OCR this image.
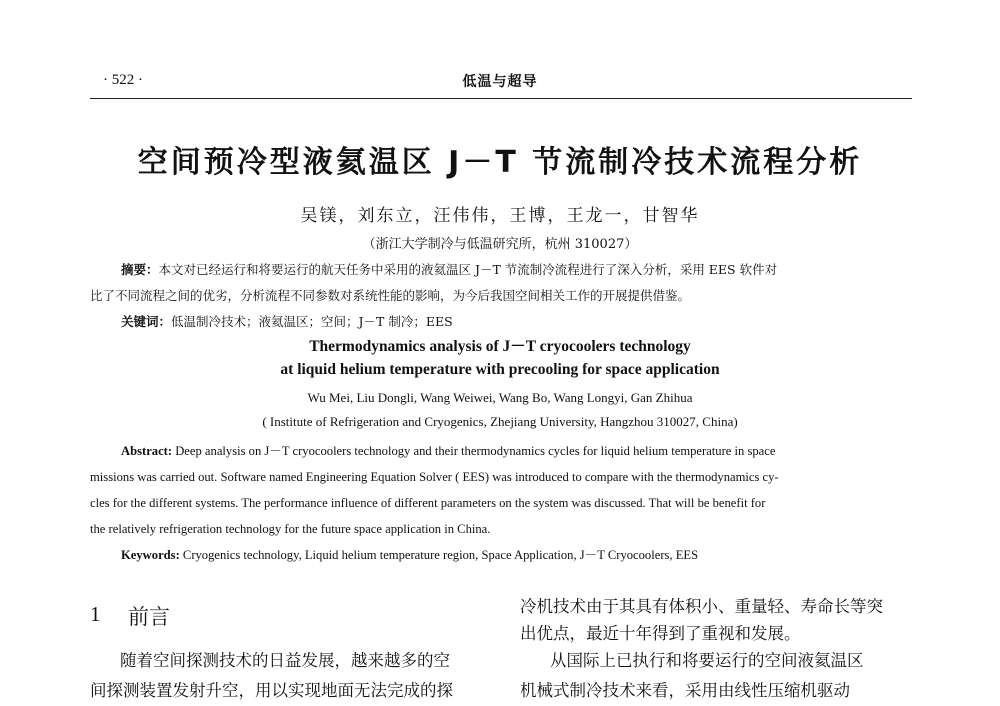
· 522 ·	低温与超导
空间预冷型液氦温区 J－T 节流制冷技术流程分析
吴镁，刘东立，汪伟伟，王博，王龙一，甘智华
（浙江大学制冷与低温研究所，杭州 310027）
摘要：本文对已经运行和将要运行的航天任务中采用的液氦温区 J－T 节流制冷流程进行了深入分析，采用 EES 软件对
比了不同流程之间的优劣，分析流程不同参数对系统性能的影响，为今后我国空间相关工作的开展提供借鉴。
关键词：低温制冷技术；液氦温区；空间；J－T 制冷；EES
Thermodynamics analysis of J－T cryocoolers technology
at liquid helium temperature with precooling for space application
Wu Mei, Liu Dongli, Wang Weiwei, Wang Bo, Wang Longyi, Gan Zhihua
( Institute of Refrigeration and Cryogenics, Zhejiang University, Hangzhou 310027, China)
Abstract: Deep analysis on J－T cryocoolers technology and their thermodynamics cycles for liquid helium temperature in space
missions was carried out. Software named Engineering Equation Solver ( EES) was introduced to compare with the thermodynamics cy-
cles for the different systems. The performance influence of different parameters on the system was discussed. That will be benefit for
the relatively refrigeration technology for the future space application in China.
Keywords: Cryogenics technology, Liquid helium temperature region, Space Application, J－T Cryocoolers, EES
1 前言
随着空间探测技术的日益发展，越来越多的空
间探测装置发射升空，用以实现地面无法完成的探
冷机技术由于其具有体积小、重量轻、寿命长等突
出优点，最近十年得到了重视和发展。
从国际上已执行和将要运行的空间液氦温区
机械式制冷技术来看，采用由线性压缩机驱动
